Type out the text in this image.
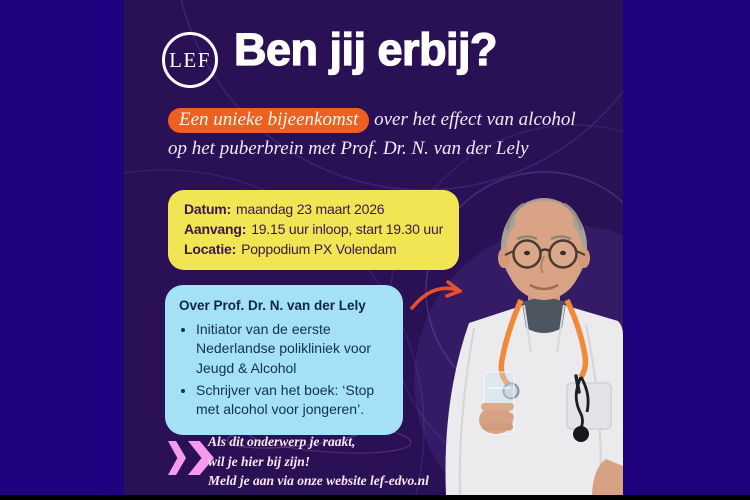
LEF Ben jij erbij?
Een unieke bijeenkomst over het effect van alcohol
op het puberbrein met Prof. Dr. N. van der Lely
Datum: maandag 23 maart 2026
Aanvang: 19.15 uur inloop, start 19.30 uur
Locatie: Poppodium PX Volendam
Over Prof. Dr. N. van der Lely
• Initiator van de eerste Nederlandse polikliniek voor Jeugd & Alcohol
• Schrijver van het boek: ‘Stop met alcohol voor jongeren’.
Als dit onderwerp je raakt,
wil je hier bij zijn!
Meld je aan via onze website lef-edvo.nl
